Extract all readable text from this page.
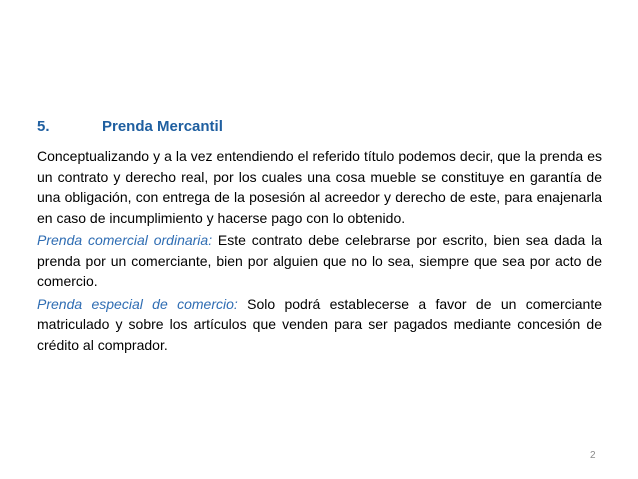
5.	Prenda Mercantil

Conceptualizando y a la vez entendiendo el referido título podemos decir, que la prenda es un contrato y derecho real, por los cuales una cosa mueble se constituye en garantía de una obligación, con entrega de la posesión al acreedor y derecho de este, para enajenarla en caso de incumplimiento y hacerse pago con lo obtenido.

Prenda comercial ordinaria: Este contrato debe celebrarse por escrito, bien sea dada la prenda por un comerciante, bien por alguien que no lo sea, siempre que sea por acto de comercio.

Prenda especial de comercio: Solo podrá establecerse a favor de un comerciante matriculado y sobre los artículos que venden para ser pagados mediante concesión de crédito al comprador.

2
